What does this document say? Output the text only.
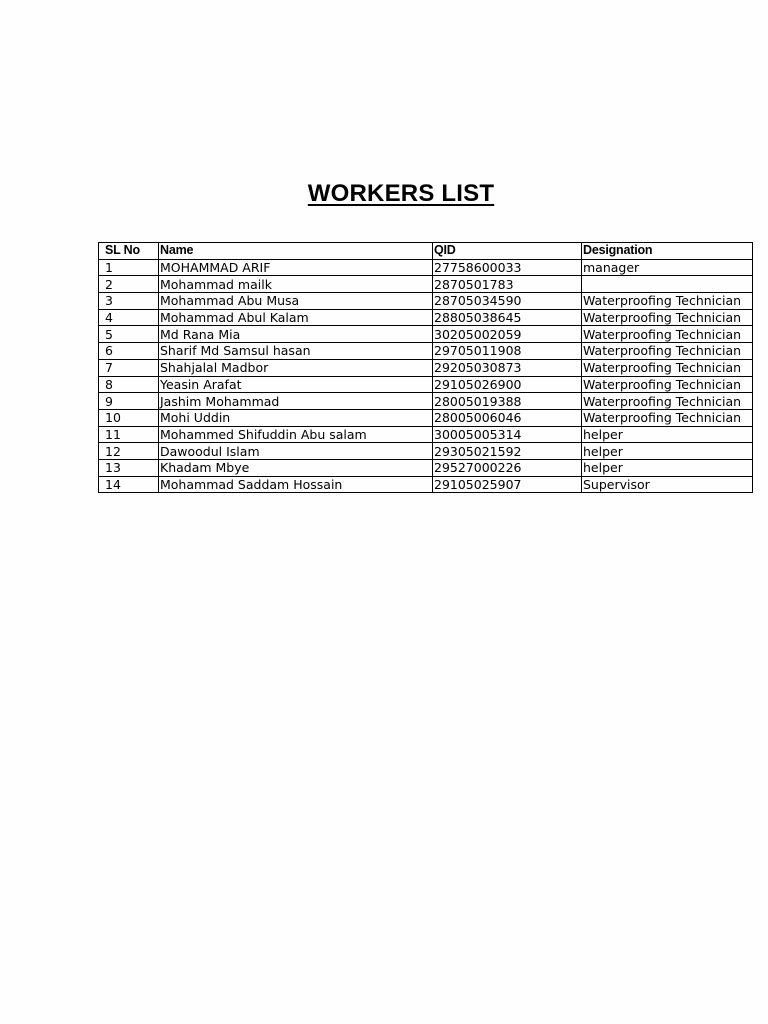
WORKERS LIST
SL No	Name	QID	Designation
1	MOHAMMAD ARIF	27758600033	manager
2	Mohammad mailk	2870501783	
3	Mohammad Abu Musa	28705034590	Waterproofing Technician
4	Mohammad Abul Kalam	28805038645	Waterproofing Technician
5	Md Rana Mia	30205002059	Waterproofing Technician
6	Sharif Md Samsul hasan	29705011908	Waterproofing Technician
7	Shahjalal Madbor	29205030873	Waterproofing Technician
8	Yeasin Arafat	29105026900	Waterproofing Technician
9	Jashim Mohammad	28005019388	Waterproofing Technician
10	Mohi Uddin	28005006046	Waterproofing Technician
11	Mohammed Shifuddin Abu salam	30005005314	helper
12	Dawoodul Islam	29305021592	helper
13	Khadam Mbye	29527000226	helper
14	Mohammad Saddam Hossain	29105025907	Supervisor
